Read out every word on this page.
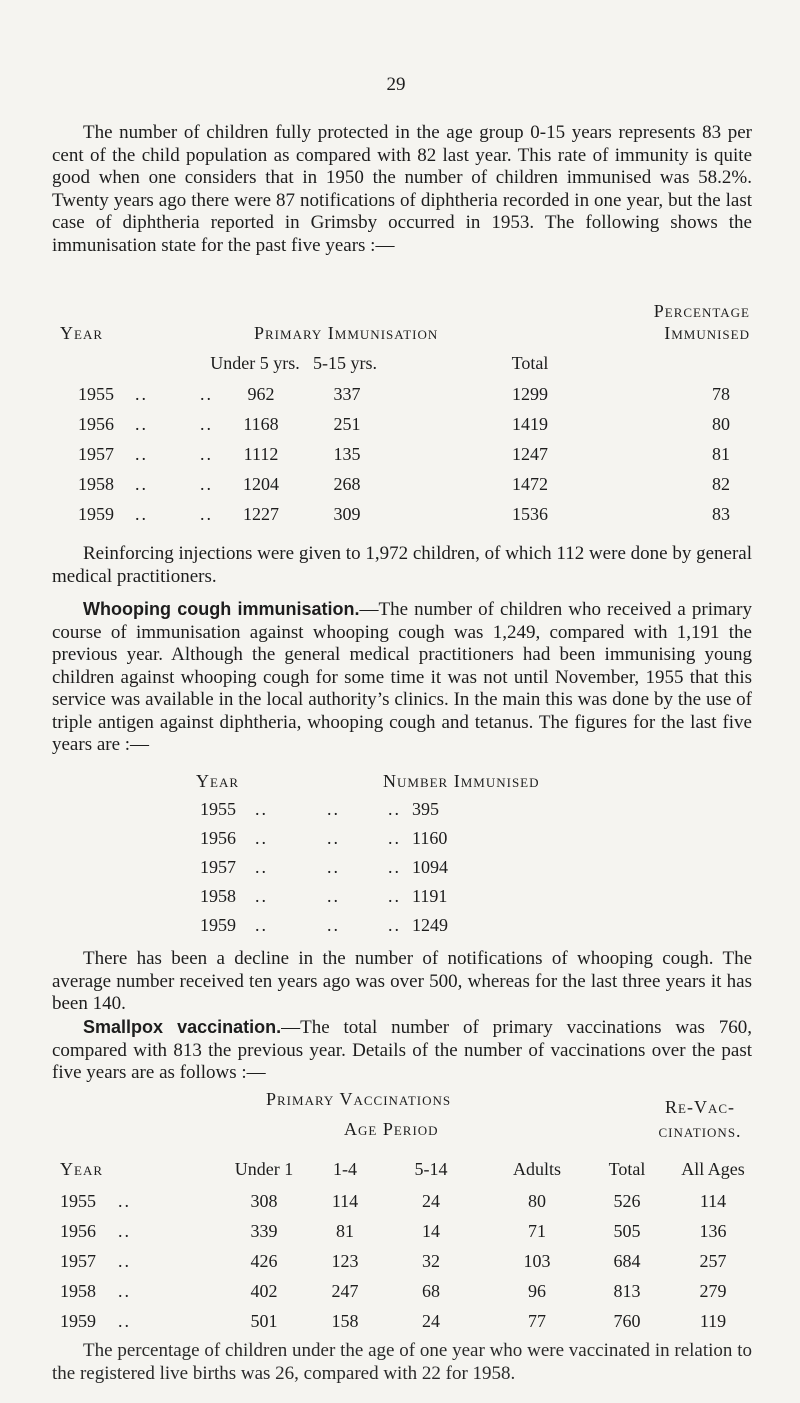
29

The number of children fully protected in the age group 0-15 years represents 83 per cent of the child population as compared with 82 last year. This rate of immunity is quite good when one considers that in 1950 the number of children immunised was 58.2%. Twenty years ago there were 87 notifications of diphtheria recorded in one year, but the last case of diphtheria reported in Grimsby occurred in 1953. The following shows the immunisation state for the past five years :—

Year	Primary Immunisation
Percentage
Immunised
Under 5 yrs. 5-15 yrs.	Total
1955 ..	..	962	337	1299	78
1956 ..	..	1168	251	1419	80
1957 ..	..	1112	135	1247	81
1958 ..	..	1204	268	1472	82
1959 ..	..	1227	309	1536	83

Reinforcing injections were given to 1,972 children, of which 112 were done by general medical practitioners.

Whooping cough immunisation.—The number of children who received a primary course of immunisation against whooping cough was 1,249, compared with 1,191 the previous year. Although the general medical practitioners had been immunising young children against whooping cough for some time it was not until November, 1955 that this service was available in the local authority’s clinics. In the main this was done by the use of triple antigen against diphtheria, whooping cough and tetanus. The figures for the last five years are :—

Year	Number Immunised
1955 ..	..	.. 395
1956 ..	..	.. 1160
1957 ..	..	.. 1094
1958 ..	..	.. 1191
1959 ..	..	.. 1249

There has been a decline in the number of notifications of whooping cough. The average number received ten years ago was over 500, whereas for the last three years it has been 140.

Smallpox vaccination.—The total number of primary vaccinations was 760, compared with 813 the previous year. Details of the number of vaccinations over the past five years are as follows :—

Primary Vaccinations
Age Period
Re-Vac-
cinations.
Year	Under 1	1-4	5-14	Adults	Total	All Ages
1955 ..	308	114	24	80	526	114
1956 ..	339	81	14	71	505	136
1957 ..	426	123	32	103	684	257
1958 ..	402	247	68	96	813	279
1959 ..	501	158	24	77	760	119

The percentage of children under the age of one year who were vaccinated in relation to the registered live births was 26, compared with 22 for 1958.
